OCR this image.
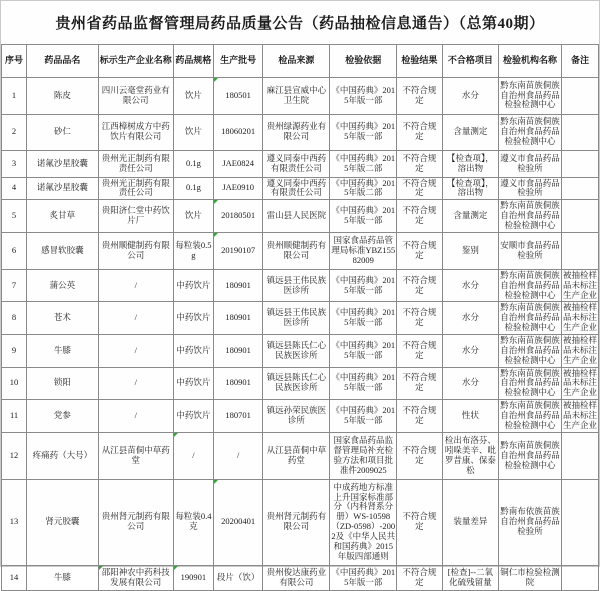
贵州省药品监督管理局药品质量公告（药品抽检信息通告）（总第40期）
序号	药品品名	标示生产企业名称	药品规格	生产批号	检品来源	检验依据	检验结果	不合格项目	检验机构名称	备注
1	陈皮	四川云毫堂药业有限公司	饮片	180501	麻江县宣威中心卫生院	《中国药典》2015年版一部	不符合规定	水分	黔东南苗族侗族自治州食品药品检验检测中心	
2	砂仁	江西樟树成方中药饮片有限公司	饮片	18060201	贵州绿源药业有限公司	《中国药典》2015年版一部	不符合规定	含量测定	黔东南苗族侗族自治州食品药品检验检测中心	
3	诺氟沙星胶囊	贵州光正制药有限责任公司	0.1g	JAE0824	遵义同泰中西药有限责任公司	《中国药典》2015年版二部	不符合规定	【检查项】，溶出物	遵义市食品药品检验所	
4	诺氟沙星胶囊	贵州光正制药有限责任公司	0.1g	JAE0910	遵义同泰中西药有限责任公司	《中国药典》2015年版二部	不符合规定	【检查项】，溶出物	遵义市食品药品检验所	
5	炙甘草	贵阳济仁堂中药饮片厂	饮片	20180501	雷山县人民医院	《中国药典》2015年版一部	不符合规定	含量测定	黔东南苗族侗族自治州食品药品检验检测中心	
6	感冒软胶囊	贵州顺健制药有限公司	每粒装0.5g	20190107	贵州顺健制药有限公司	国家食品药品管理局标准YBZ15582009	不符合规定	鉴别	安顺市食品药品检验所	
7	蒲公英	/	中药饮片	180901	镇远县王伟民族医诊所	《中国药典》2015年版一部	不符合规定	水分	黔东南苗族侗族自治州食品药品检验检测中心	被抽检样品未标注生产企业
8	苍术	/	中药饮片	180901	镇远县王伟民族医诊所	《中国药典》2015年版一部	不符合规定	水分	黔东南苗族侗族自治州食品药品检验检测中心	被抽检样品未标注生产企业
9	牛膝	/	中药饮片	180901	镇远县陈氏仁心民族医诊所	《中国药典》2015年版一部	不符合规定	水分	黔东南苗族侗族自治州食品药品检验检测中心	被抽检样品未标注生产企业
10	锁阳	/	中药饮片	180901	镇远县陈氏仁心民族医诊所	《中国药典》2015年版一部	不符合规定	水分	黔东南苗族侗族自治州食品药品检验检测中心	被抽检样品未标注生产企业
11	党参	/	中药饮片	180701	镇远孙荣民族医诊所	《中国药典》2015年版一部	不符合规定	性状	黔东南苗族侗族自治州食品药品检验检测中心	被抽检样品未标注生产企业
12	疼痛药（大号）	从江县苗侗中草药堂	/	/	从江县苗侗中草药堂	国家食品药品监督管理局补充检验方法和项目批准件2009025	不符合规定	检出布洛芬、吲哚美辛、吡罗昔康、保泰松	黔东南苗族侗族自治州食品药品检验检测中心	
13	肾元胶囊	贵州肾元制药有限公司	每粒装0.4克	20200401	贵州肾元制药有限公司	中成药地方标准上升国家标准部分（内科肾系分册）WS-10598（ZD-0598）-2002及《中华人民共和国药典》2015年版四部通则	不符合规定	装量差异	黔南布依族苗族自治州食品药品检验所	
14	牛膝	邵阳神农中药科技发展有限公司	190901	段片（饮）	贵州俊达康药业有限公司	《中国药典》2015年版一部	不符合规定	[检查]--二氧化硫残留量	铜仁市检验检测院	
